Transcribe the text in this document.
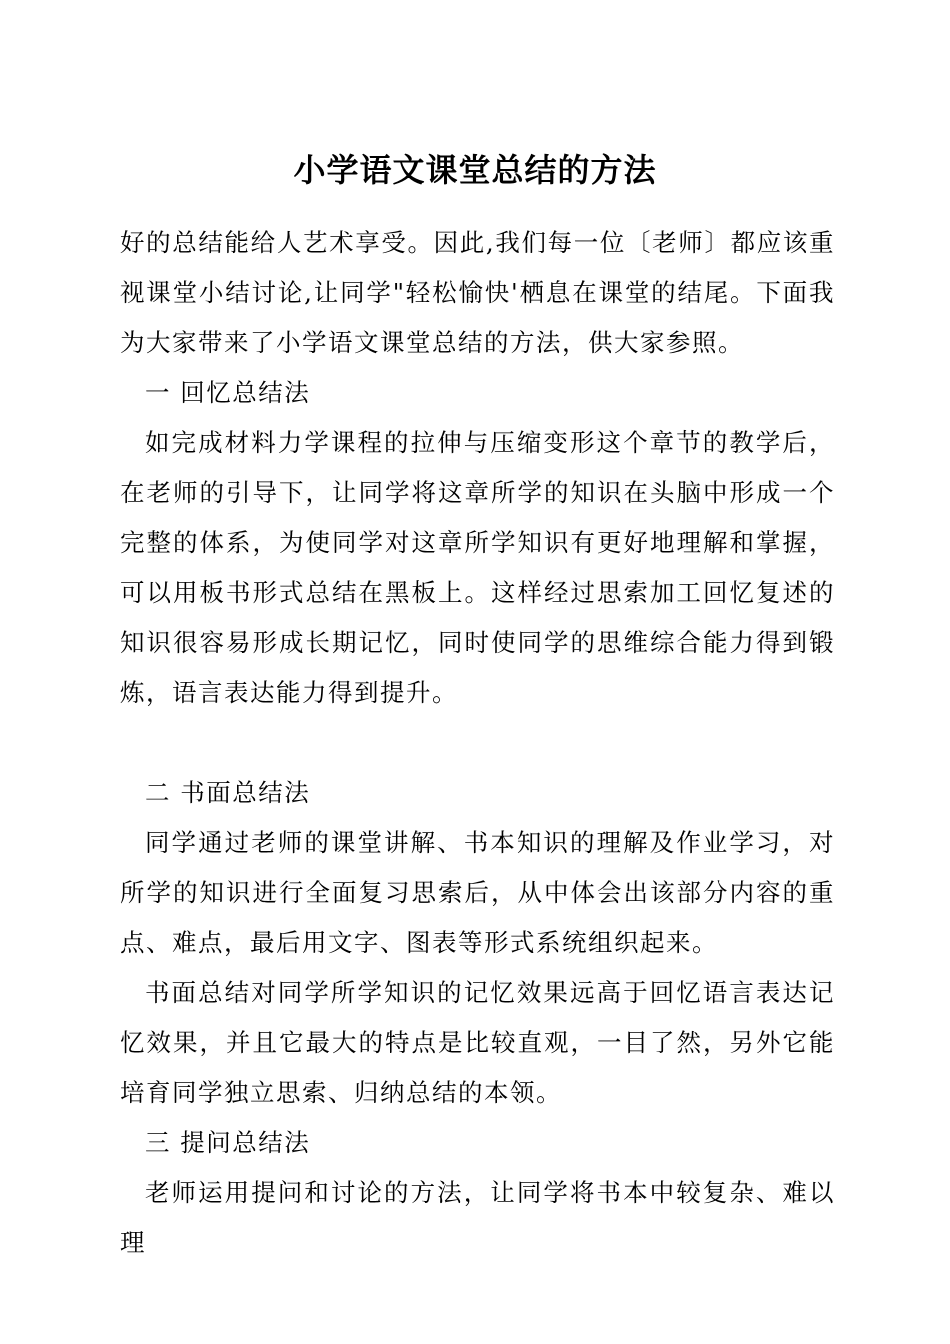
小学语文课堂总结的方法

好的总结能给人艺术享受。因此,我们每一位〔老师〕都应该重视课堂小结讨论,让同学"轻松愉快'栖息在课堂的结尾。下面我为大家带来了小学语文课堂总结的方法，供大家参照。

一 回忆总结法

如完成材料力学课程的拉伸与压缩变形这个章节的教学后，在老师的引导下，让同学将这章所学的知识在头脑中形成一个完整的体系，为使同学对这章所学知识有更好地理解和掌握，可以用板书形式总结在黑板上。这样经过思索加工回忆复述的知识很容易形成长期记忆，同时使同学的思维综合能力得到锻炼，语言表达能力得到提升。

二 书面总结法

同学通过老师的课堂讲解、书本知识的理解及作业学习，对所学的知识进行全面复习思索后，从中体会出该部分内容的重点、难点，最后用文字、图表等形式系统组织起来。

书面总结对同学所学知识的记忆效果远高于回忆语言表达记忆效果，并且它最大的特点是比较直观，一目了然，另外它能培育同学独立思索、归纳总结的本领。

三 提问总结法

老师运用提问和讨论的方法，让同学将书本中较复杂、难以理
